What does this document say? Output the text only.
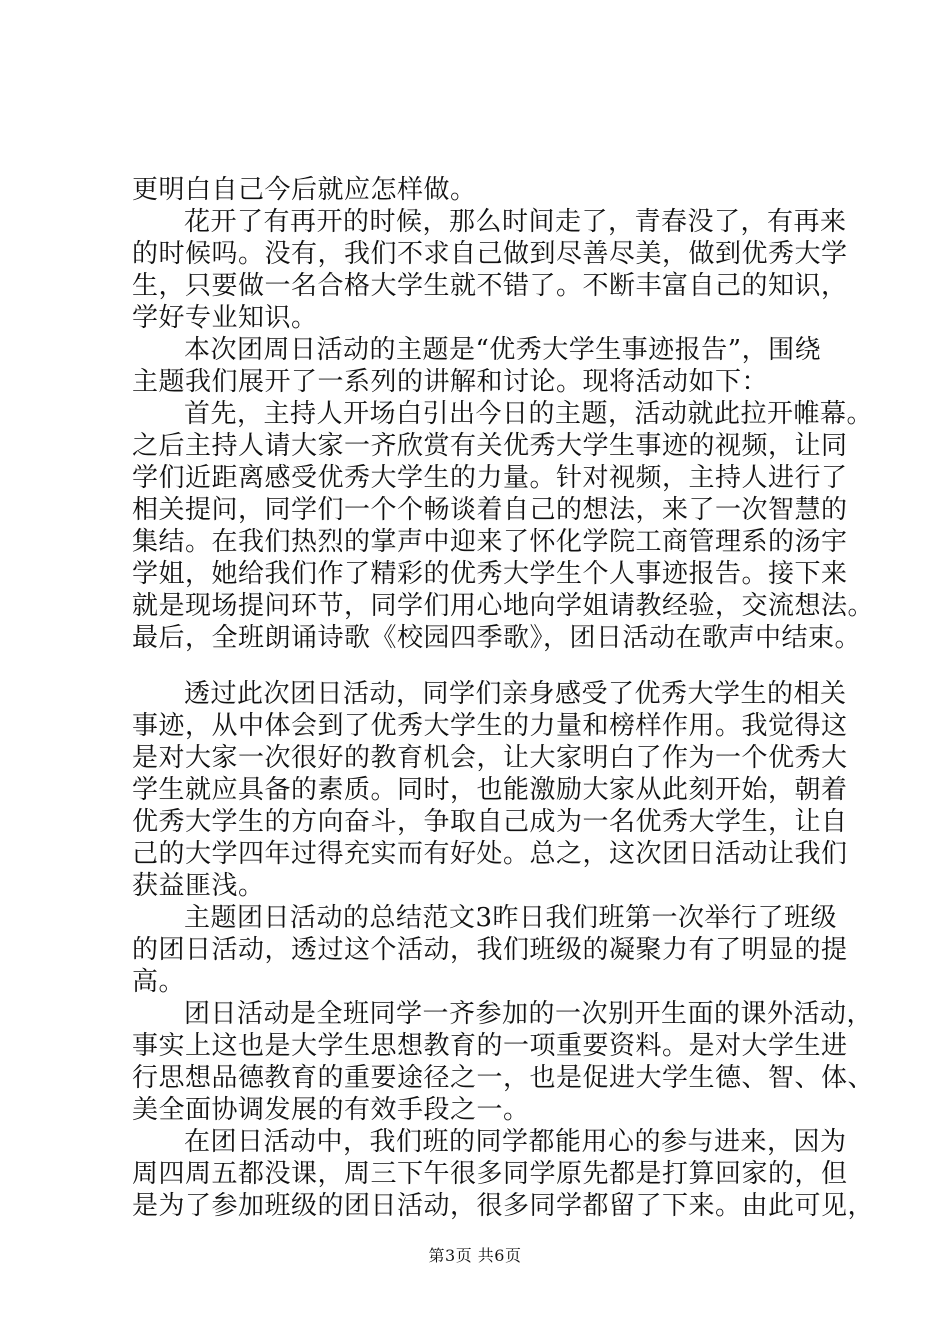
更明白自己今后就应怎样做。
花开了有再开的时候，那么时间走了，青春没了，有再来
的时候吗。没有，我们不求自己做到尽善尽美，做到优秀大学
生，只要做一名合格大学生就不错了。不断丰富自己的知识，
学好专业知识。
本次团周日活动的主题是“优秀大学生事迹报告”，围绕
主题我们展开了一系列的讲解和讨论。现将活动如下：
首先，主持人开场白引出今日的主题，活动就此拉开帷幕。
之后主持人请大家一齐欣赏有关优秀大学生事迹的视频，让同
学们近距离感受优秀大学生的力量。针对视频，主持人进行了
相关提问，同学们一个个畅谈着自己的想法，来了一次智慧的
集结。在我们热烈的掌声中迎来了怀化学院工商管理系的汤宇
学姐，她给我们作了精彩的优秀大学生个人事迹报告。接下来
就是现场提问环节，同学们用心地向学姐请教经验，交流想法。
最后，全班朗诵诗歌《校园四季歌》，团日活动在歌声中结束。
透过此次团日活动，同学们亲身感受了优秀大学生的相关
事迹，从中体会到了优秀大学生的力量和榜样作用。我觉得这
是对大家一次很好的教育机会，让大家明白了作为一个优秀大
学生就应具备的素质。同时，也能激励大家从此刻开始，朝着
优秀大学生的方向奋斗，争取自己成为一名优秀大学生，让自
己的大学四年过得充实而有好处。总之，这次团日活动让我们
获益匪浅。
主题团日活动的总结范文3昨日我们班第一次举行了班级
的团日活动，透过这个活动，我们班级的凝聚力有了明显的提
高。
团日活动是全班同学一齐参加的一次别开生面的课外活动，
事实上这也是大学生思想教育的一项重要资料。是对大学生进
行思想品德教育的重要途径之一，也是促进大学生德、智、体、
美全面协调发展的有效手段之一。
在团日活动中，我们班的同学都能用心的参与进来，因为
周四周五都没课，周三下午很多同学原先都是打算回家的，但
是为了参加班级的团日活动，很多同学都留了下来。由此可见，
第3页 共6页
